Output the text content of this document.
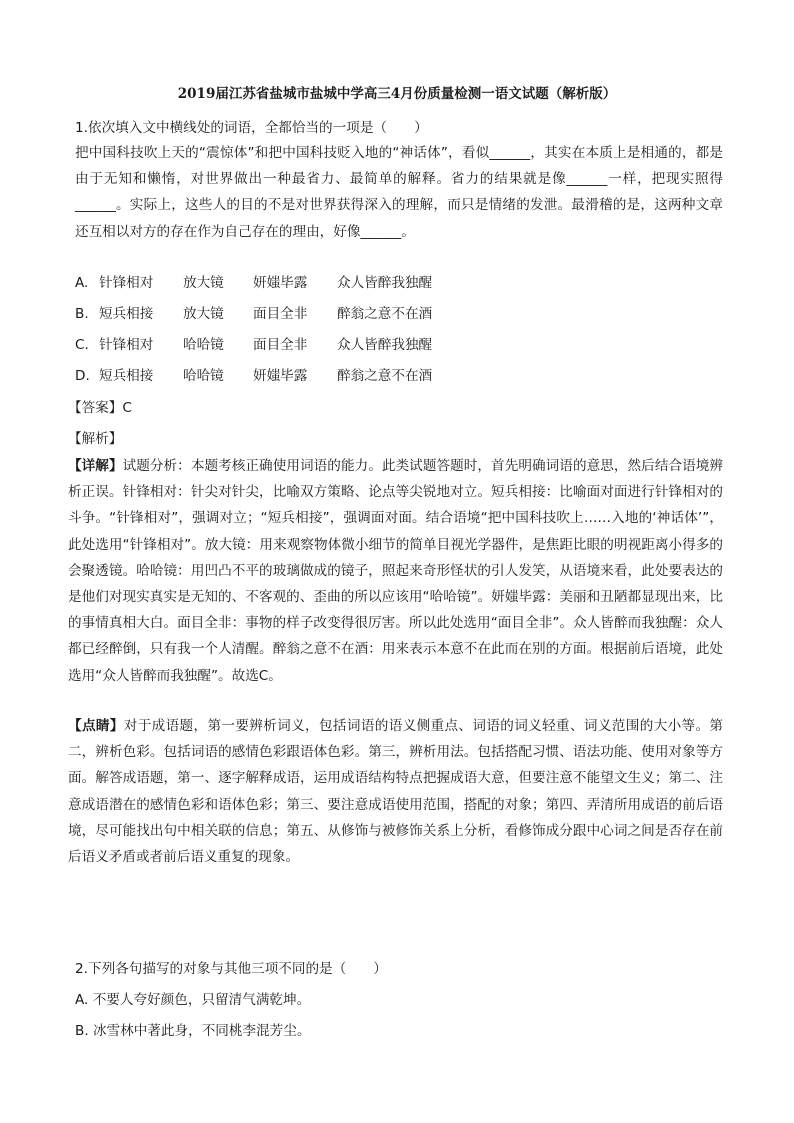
2019届江苏省盐城市盐城中学高三4月份质量检测一语文试题（解析版）
1.依次填入文中横线处的词语，全都恰当的一项是（　　）
把中国科技吹上天的“震惊体”和把中国科技贬入地的“神话体”，看似______，其实在本质上是相通的，都是由于无知和懒惰，对世界做出一种最省力、最简单的解释。省力的结果就是像______一样，把现实照得______。实际上，这些人的目的不是对世界获得深入的理解，而只是情绪的发泄。最滑稽的是，这两种文章还互相以对方的存在作为自己存在的理由，好像______。
A. 针锋相对 放大镜 妍媸毕露 众人皆醉我独醒
B. 短兵相接 放大镜 面目全非 醉翁之意不在酒
C. 针锋相对 哈哈镜 面目全非 众人皆醉我独醒
D. 短兵相接 哈哈镜 妍媸毕露 醉翁之意不在酒
【答案】C
【解析】
【详解】试题分析：本题考核正确使用词语的能力。此类试题答题时，首先明确词语的意思，然后结合语境辨析正误。针锋相对：针尖对针尖，比喻双方策略、论点等尖锐地对立。短兵相接：比喻面对面进行针锋相对的斗争。“针锋相对”，强调对立；“短兵相接”，强调面对面。结合语境“把中国科技吹上……入地的‘神话体’”，此处选用“针锋相对”。放大镜：用来观察物体微小细节的简单目视光学器件，是焦距比眼的明视距离小得多的会聚透镜。哈哈镜：用凹凸不平的玻璃做成的镜子，照起来奇形怪状的引人发笑，从语境来看，此处要表达的是他们对现实真实是无知的、不客观的、歪曲的所以应该用“哈哈镜”。妍媸毕露：美丽和丑陋都显现出来，比的事情真相大白。面目全非：事物的样子改变得很厉害。所以此处选用“面目全非”。众人皆醉而我独醒：众人都已经醉倒，只有我一个人清醒。醉翁之意不在酒：用来表示本意不在此而在别的方面。根据前后语境，此处选用“众人皆醉而我独醒”。故选C。
【点睛】对于成语题，第一要辨析词义，包括词语的语义侧重点、词语的词义轻重、词义范围的大小等。第二，辨析色彩。包括词语的感情色彩跟语体色彩。第三，辨析用法。包括搭配习惯、语法功能、使用对象等方面。解答成语题，第一、逐字解释成语，运用成语结构特点把握成语大意，但要注意不能望文生义；第二、注意成语潜在的感情色彩和语体色彩；第三、要注意成语使用范围，搭配的对象；第四、弄清所用成语的前后语境，尽可能找出句中相关联的信息；第五、从修饰与被修饰关系上分析，看修饰成分跟中心词之间是否存在前后语义矛盾或者前后语义重复的现象。
2.下列各句描写的对象与其他三项不同的是（　　）
A. 不要人夸好颜色，只留清气满乾坤。
B. 冰雪林中著此身，不同桃李混芳尘。
